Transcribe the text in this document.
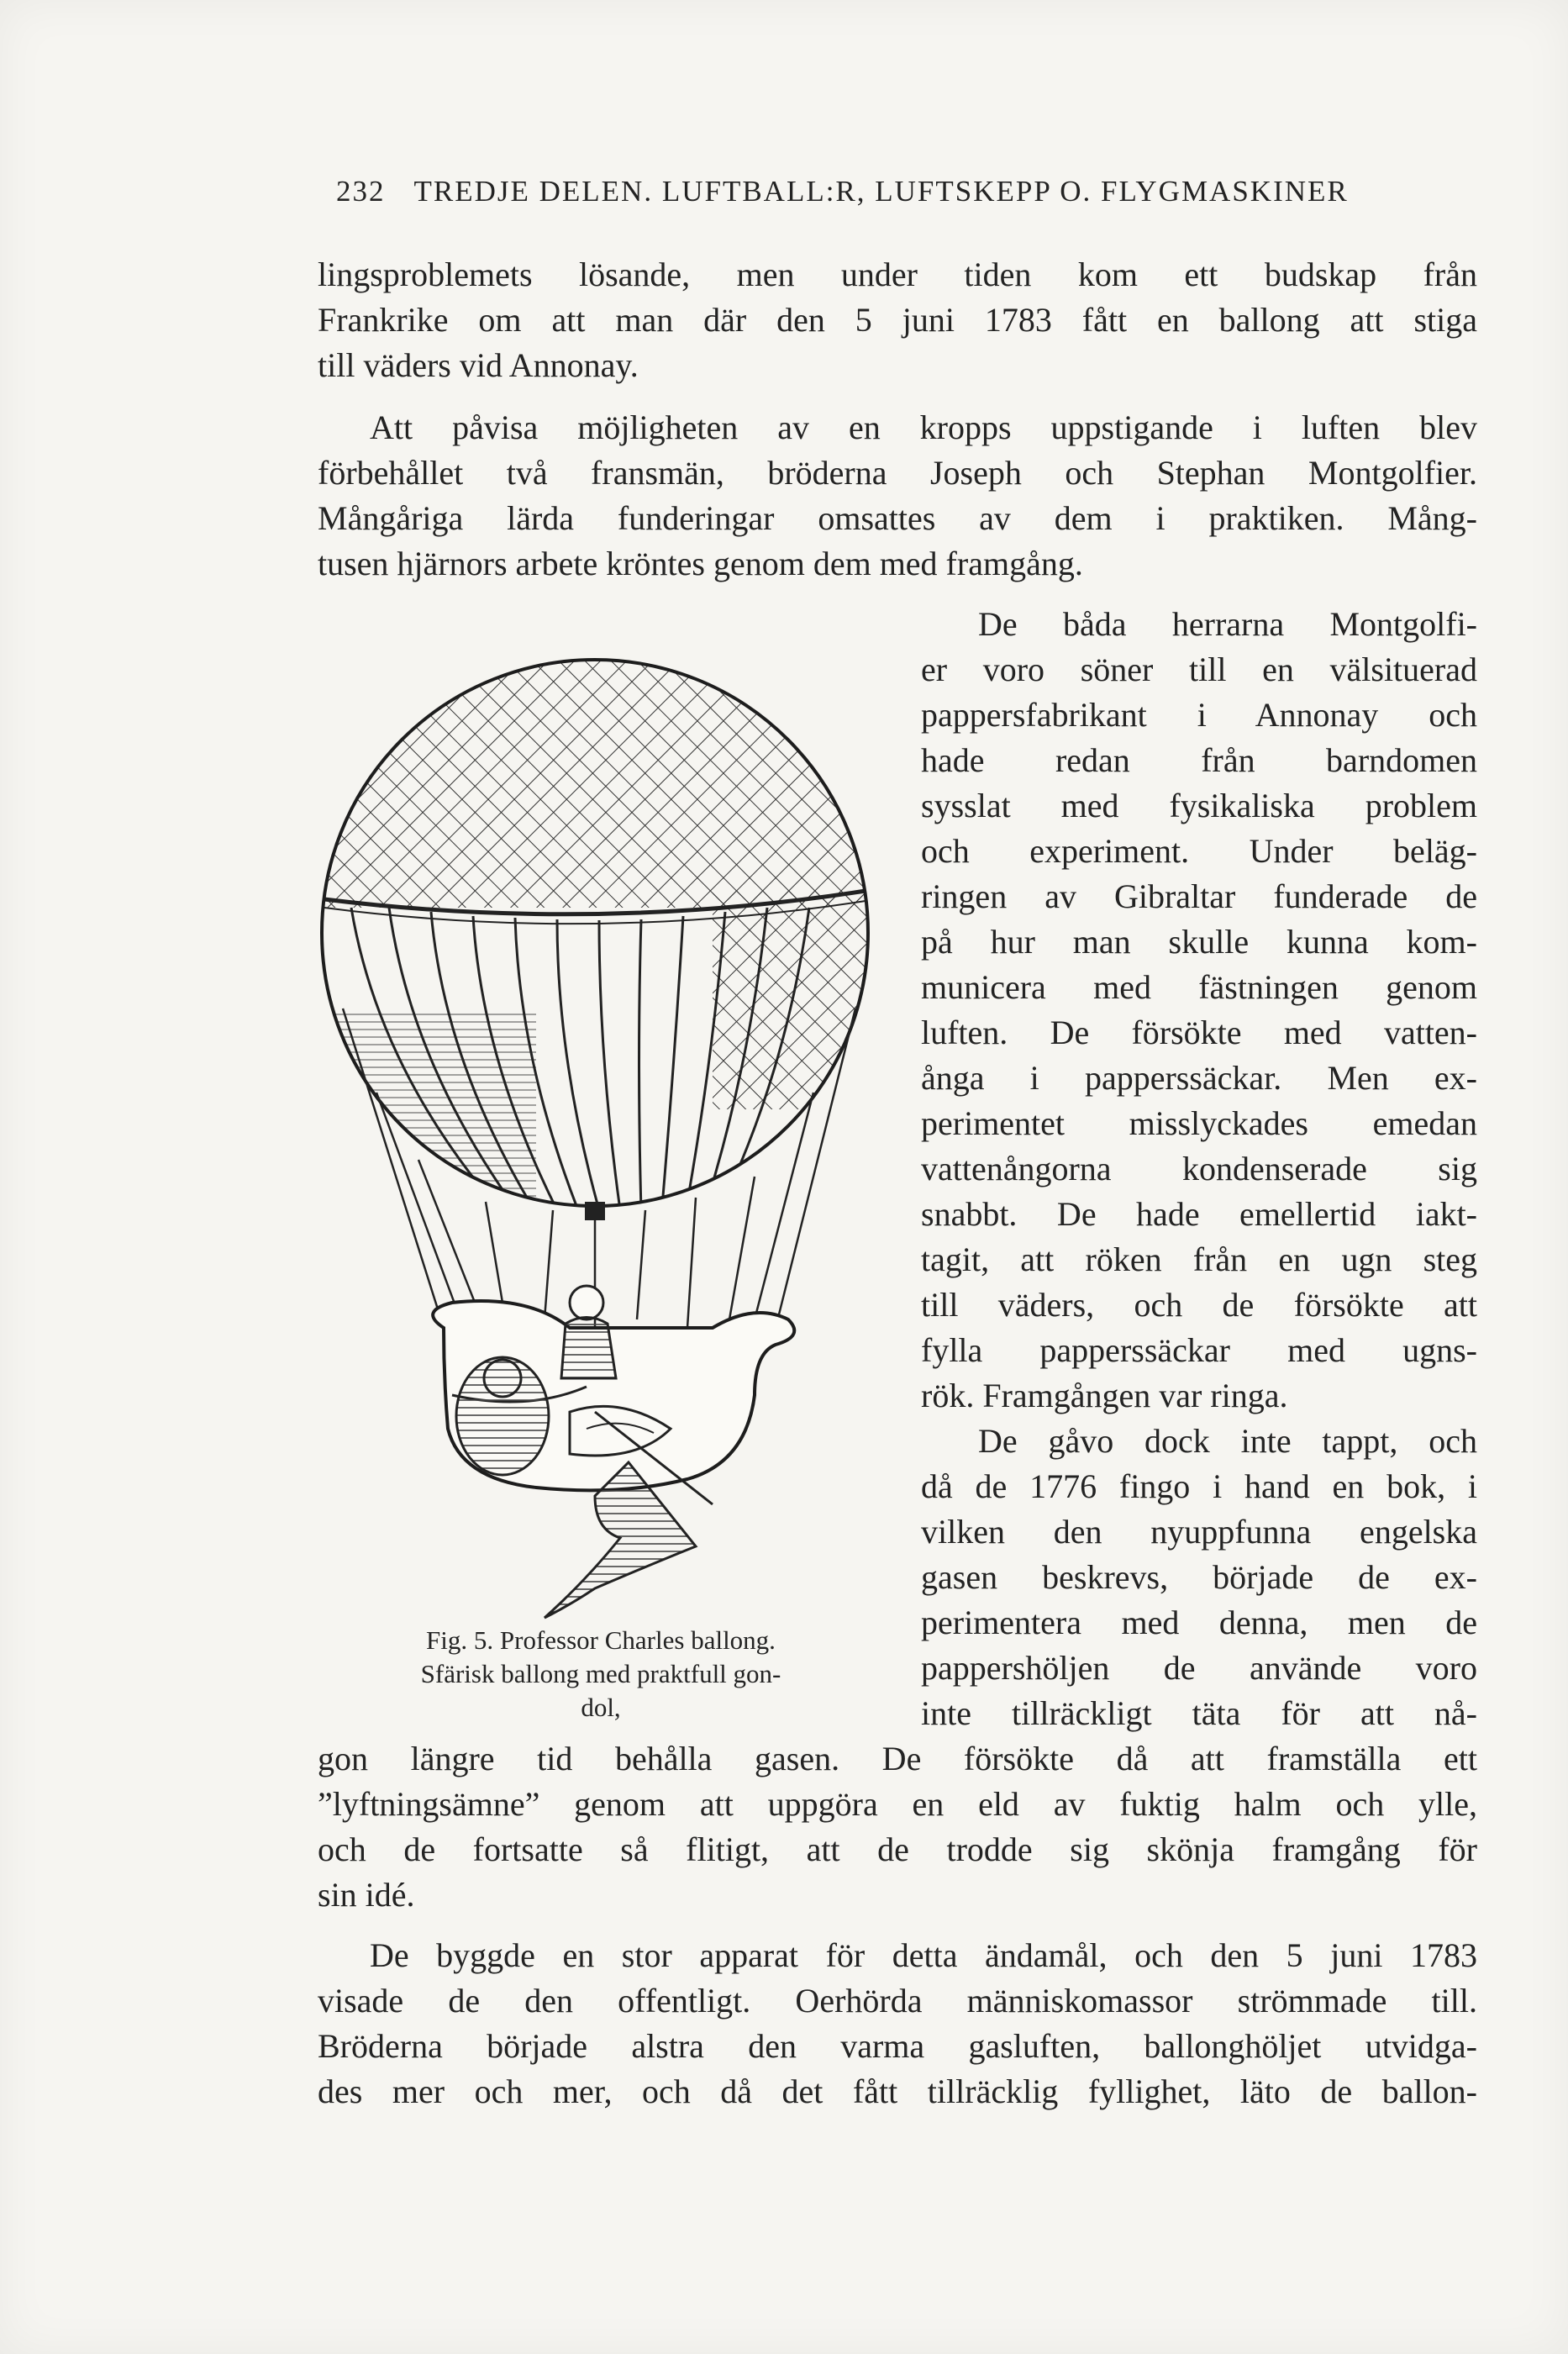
232 TREDJE DELEN. LUFTBALL:R, LUFTSKEPP O. FLYGMASKINER
lingsproblemets lösande, men under tiden kom ett budskap från
Frankrike om att man där den 5 juni 1783 fått en ballong att stiga
till väders vid Annonay.
Att påvisa möjligheten av en kropps uppstigande i luften blev
förbehållet två fransmän, bröderna Joseph och Stephan Montgolfier.
Mångåriga lärda funderingar omsattes av dem i praktiken. Mång-
tusen hjärnors arbete kröntes genom dem med framgång.
De båda herrarna Montgolfi-
er voro söner till en välsituerad
pappersfabrikant i Annonay och
hade redan från barndomen
sysslat med fysikaliska problem
och experiment. Under beläg-
ringen av Gibraltar funderade de
på hur man skulle kunna kom-
municera med fästningen genom
luften. De försökte med vatten-
ånga i papperssäckar. Men ex-
perimentet misslyckades emedan
vattenångorna kondenserade sig
snabbt. De hade emellertid iakt-
tagit, att röken från en ugn steg
till väders, och de försökte att
fylla papperssäckar med ugns-
rök. Framgången var ringa.
De gåvo dock inte tappt, och
då de 1776 fingo i hand en bok, i
vilken den nyuppfunna engelska
gasen beskrevs, började de ex-
perimentera med denna, men de
pappershöljen de använde voro
inte tillräckligt täta för att nå-
gon längre tid behålla gasen. De försökte då att framställa ett
”lyftningsämne” genom att uppgöra en eld av fuktig halm och ylle,
och de fortsatte så flitigt, att de trodde sig skönja framgång för
sin idé.
De byggde en stor apparat för detta ändamål, och den 5 juni 1783
visade de den offentligt. Oerhörda människomassor strömmade till.
Bröderna började alstra den varma gasluften, ballonghöljet utvidga-
des mer och mer, och då det fått tillräcklig fyllighet, läto de ballon-
Fig. 5. Professor Charles ballong.
Sfärisk ballong med praktfull gon-
dol,
